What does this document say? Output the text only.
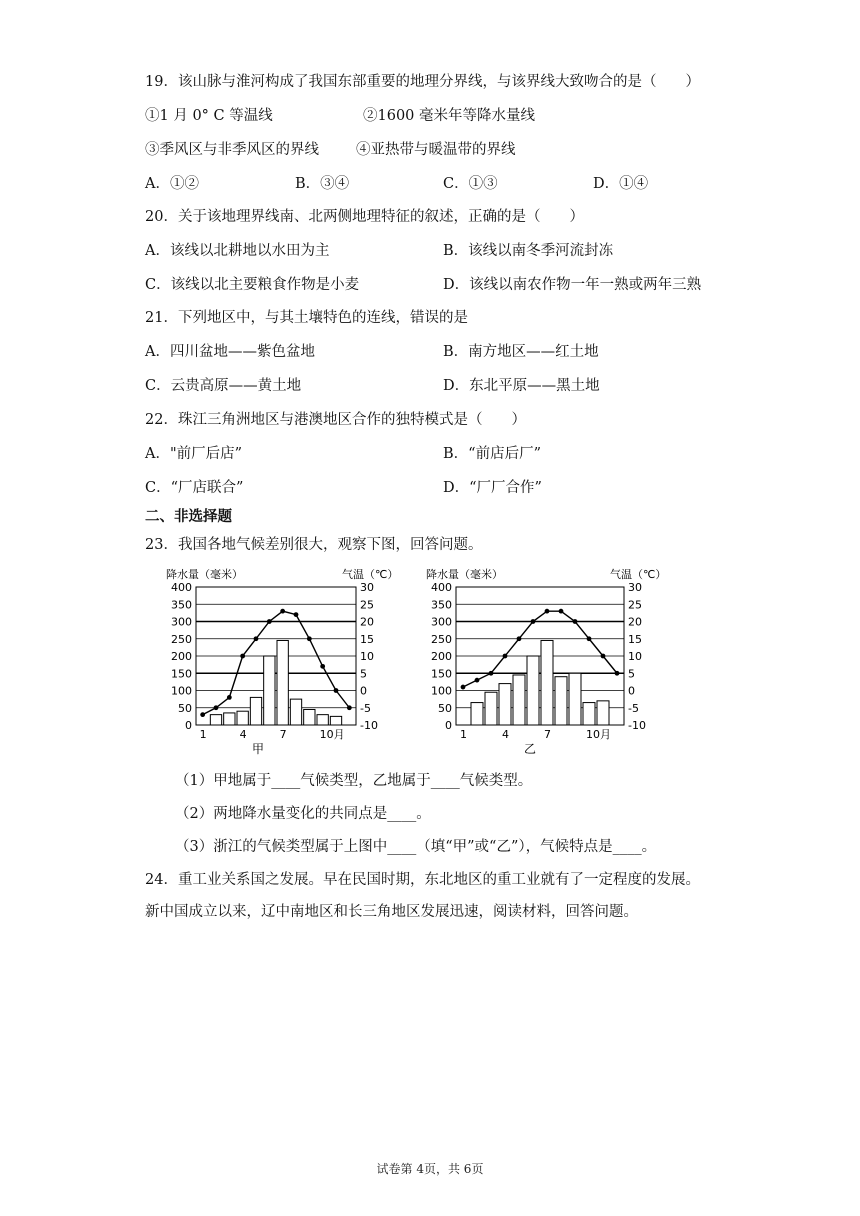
19．该山脉与淮河构成了我国东部重要的地理分界线，与该界线大致吻合的是（　　）
①1 月 0° C 等温线	②1600 毫米年等降水量线
③季风区与非季风区的界线	④亚热带与暖温带的界线
A．①②	B．③④	C．①③	D．①④
20．关于该地理界线南、北两侧地理特征的叙述，正确的是（　　）
A．该线以北耕地以水田为主	B．该线以南冬季河流封冻
C．该线以北主要粮食作物是小麦	D．该线以南农作物一年一熟或两年三熟
21．下列地区中，与其土壤特色的连线，错误的是
A．四川盆地——紫色盆地	B．南方地区——红土地
C．云贵高原——黄土地	D．东北平原——黑土地
22．珠江三角洲地区与港澳地区合作的独特模式是（　　）
A．"前厂后店”	B．“前店后厂”
C．“厂店联合”	D．“厂厂合作”
二、非选择题
23．我国各地气候差别很大，观察下图，回答问题。
降水量（毫米）	气温（℃）
400
350
300
250
200
150
100
50
0
30
25
20
15
10
5
0
-5
-10
1	4	7	10月
甲
降水量（毫米）	气温（℃）
400
350
300
250
200
150
100
50
0
30
25
20
15
10
5
0
-5
-10
1	4	7	10月
乙
（1）甲地属于____气候类型，乙地属于____气候类型。
（2）两地降水量变化的共同点是____。
（3）浙江的气候类型属于上图中____（填“甲”或“乙”），气候特点是____。
24．重工业关系国之发展。早在民国时期，东北地区的重工业就有了一定程度的发展。
新中国成立以来，辽中南地区和长三角地区发展迅速，阅读材料，回答问题。
试卷第 4页，共 6页
